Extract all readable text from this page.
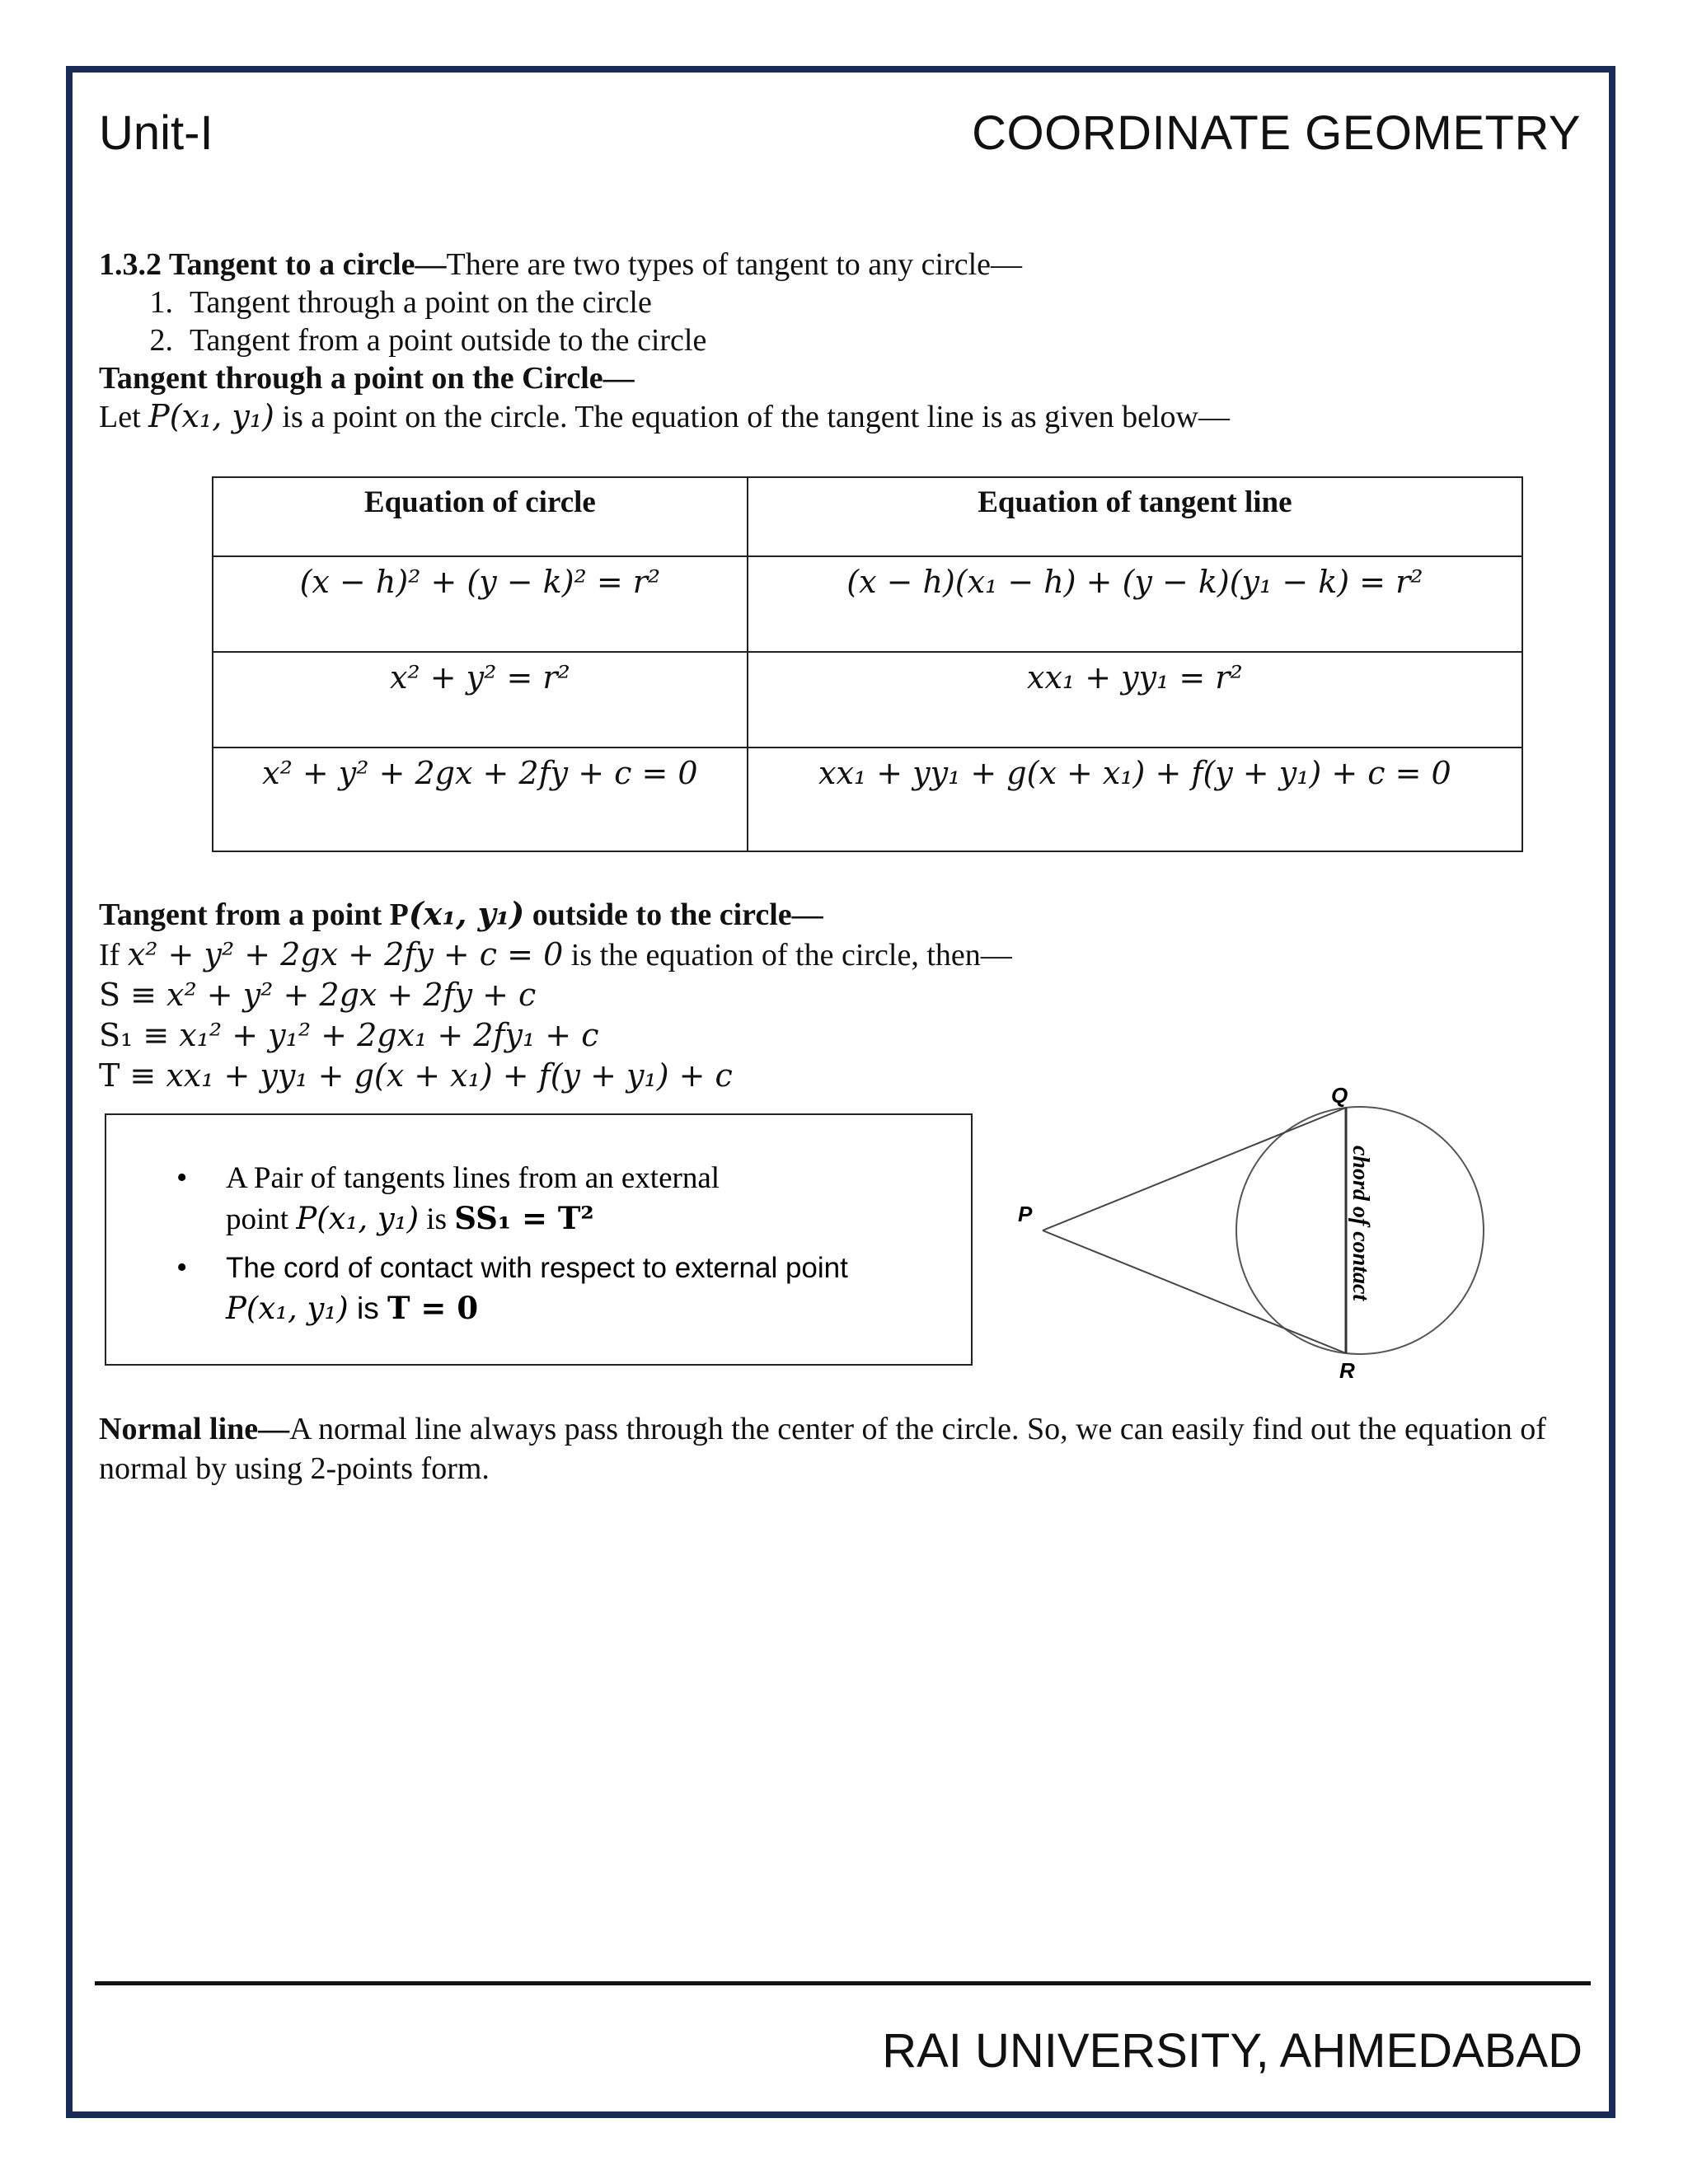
Unit-I	COORDINATE GEOMETRY
1.3.2 Tangent to a circle—There are two types of tangent to any circle—
1. Tangent through a point on the circle
2. Tangent from a point outside to the circle
Tangent through a point on the Circle—
Let P(x₁, y₁) is a point on the circle. The equation of the tangent line is as given below—
Equation of circle	Equation of tangent line
(x − h)² + (y − k)² = r²	(x − h)(x₁ − h) + (y − k)(y₁ − k) = r²
x² + y² = r²	xx₁ + yy₁ = r²
x² + y² + 2gx + 2fy + c = 0	xx₁ + yy₁ + g(x + x₁) + f(y + y₁) + c = 0
Tangent from a point P(x₁, y₁) outside to the circle—
If x² + y² + 2gx + 2fy + c = 0 is the equation of the circle, then—
S ≡ x² + y² + 2gx + 2fy + c
S₁ ≡ x₁² + y₁² + 2gx₁ + 2fy₁ + c
T ≡ xx₁ + yy₁ + g(x + x₁) + f(y + y₁) + c
• A Pair of tangents lines from an external
point P(x₁, y₁) is SS₁ = T²
• The cord of contact with respect to external point
P(x₁, y₁) is T = 0
P
Q
R
chord of contact
Normal line—A normal line always pass through the center of the circle. So, we can easily find out the equation of normal by using 2-points form.
RAI UNIVERSITY, AHMEDABAD
